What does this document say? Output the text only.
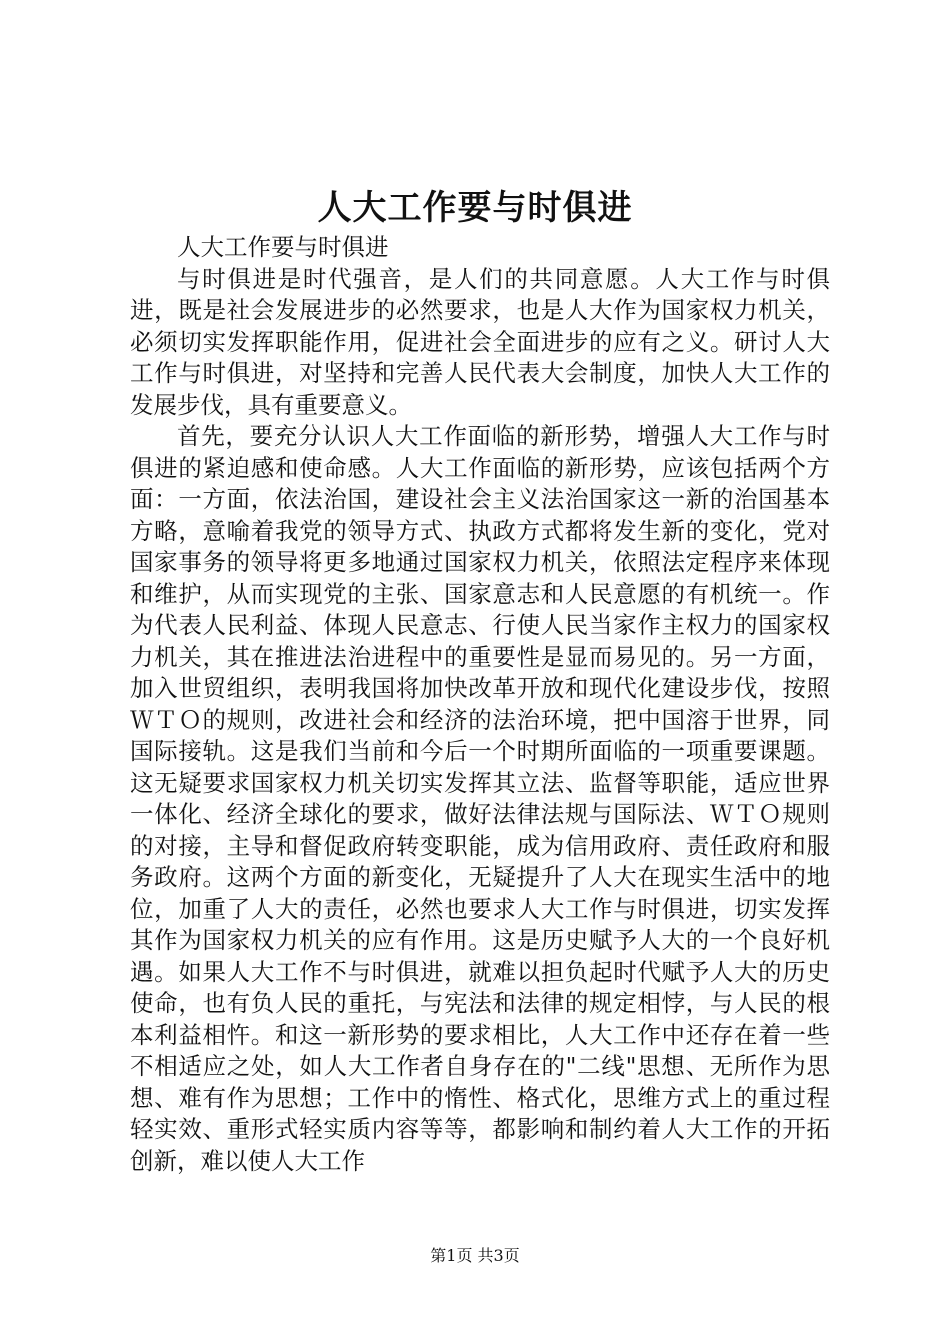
人大工作要与时俱进

人大工作要与时俱进

与时俱进是时代强音，是人们的共同意愿。人大工作与时俱进，既是社会发展进步的必然要求，也是人大作为国家权力机关，必须切实发挥职能作用，促进社会全面进步的应有之义。研讨人大工作与时俱进，对坚持和完善人民代表大会制度，加快人大工作的发展步伐，具有重要意义。

首先，要充分认识人大工作面临的新形势，增强人大工作与时俱进的紧迫感和使命感。人大工作面临的新形势，应该包括两个方面：一方面，依法治国，建设社会主义法治国家这一新的治国基本方略，意喻着我党的领导方式、执政方式都将发生新的变化，党对国家事务的领导将更多地通过国家权力机关，依照法定程序来体现和维护，从而实现党的主张、国家意志和人民意愿的有机统一。作为代表人民利益、体现人民意志、行使人民当家作主权力的国家权力机关，其在推进法治进程中的重要性是显而易见的。另一方面，加入世贸组织，表明我国将加快改革开放和现代化建设步伐，按照ＷＴＯ的规则，改进社会和经济的法治环境，把中国溶于世界，同国际接轨。这是我们当前和今后一个时期所面临的一项重要课题。这无疑要求国家权力机关切实发挥其立法、监督等职能，适应世界一体化、经济全球化的要求，做好法律法规与国际法、ＷＴＯ规则的对接，主导和督促政府转变职能，成为信用政府、责任政府和服务政府。这两个方面的新变化，无疑提升了人大在现实生活中的地位，加重了人大的责任，必然也要求人大工作与时俱进，切实发挥其作为国家权力机关的应有作用。这是历史赋予人大的一个良好机遇。如果人大工作不与时俱进，就难以担负起时代赋予人大的历史使命，也有负人民的重托，与宪法和法律的规定相悖，与人民的根本利益相忤。和这一新形势的要求相比，人大工作中还存在着一些不相适应之处，如人大工作者自身存在的"二线"思想、无所作为思想、难有作为思想；工作中的惰性、格式化，思维方式上的重过程轻实效、重形式轻实质内容等等，都影响和制约着人大工作的开拓创新，难以使人大工作

第1页 共3页
